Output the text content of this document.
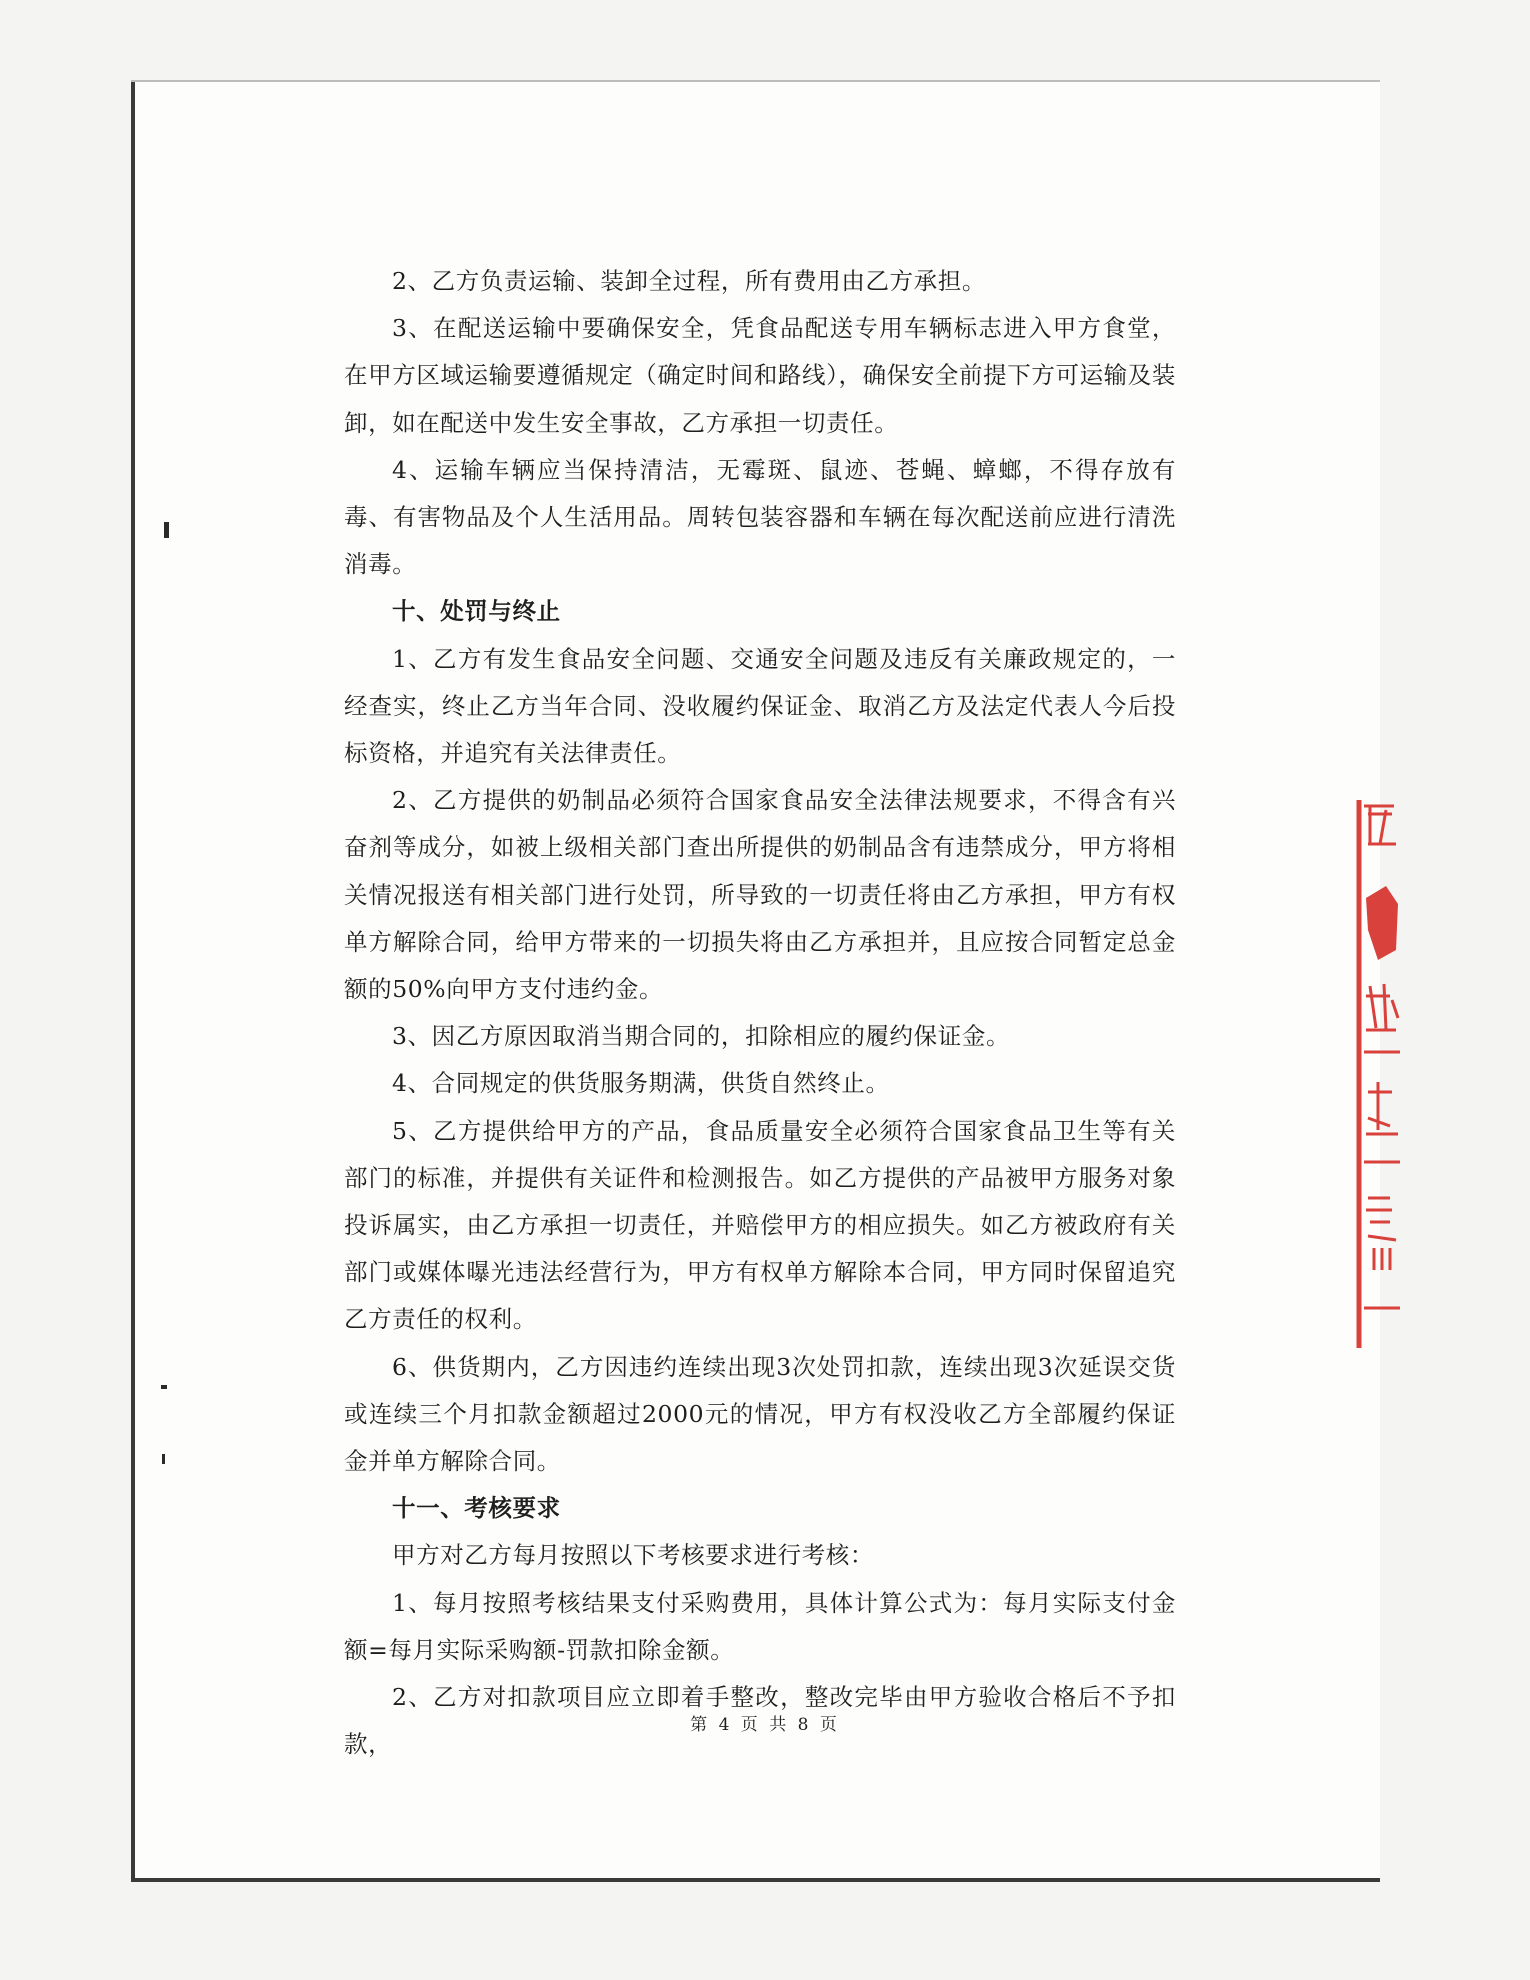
2、乙方负责运输、装卸全过程，所有费用由乙方承担。

3、在配送运输中要确保安全，凭食品配送专用车辆标志进入甲方食堂，在甲方区域运输要遵循规定（确定时间和路线），确保安全前提下方可运输及装卸，如在配送中发生安全事故，乙方承担一切责任。

4、运输车辆应当保持清洁，无霉斑、鼠迹、苍蝇、蟑螂，不得存放有毒、有害物品及个人生活用品。周转包装容器和车辆在每次配送前应进行清洗消毒。

十、处罚与终止

1、乙方有发生食品安全问题、交通安全问题及违反有关廉政规定的，一经查实，终止乙方当年合同、没收履约保证金、取消乙方及法定代表人今后投标资格，并追究有关法律责任。

2、乙方提供的奶制品必须符合国家食品安全法律法规要求，不得含有兴奋剂等成分，如被上级相关部门查出所提供的奶制品含有违禁成分，甲方将相关情况报送有相关部门进行处罚，所导致的一切责任将由乙方承担，甲方有权单方解除合同，给甲方带来的一切损失将由乙方承担并，且应按合同暂定总金额的50%向甲方支付违约金。

3、因乙方原因取消当期合同的，扣除相应的履约保证金。

4、合同规定的供货服务期满，供货自然终止。

5、乙方提供给甲方的产品，食品质量安全必须符合国家食品卫生等有关部门的标准，并提供有关证件和检测报告。如乙方提供的产品被甲方服务对象投诉属实，由乙方承担一切责任，并赔偿甲方的相应损失。如乙方被政府有关部门或媒体曝光违法经营行为，甲方有权单方解除本合同，甲方同时保留追究乙方责任的权利。

6、供货期内，乙方因违约连续出现3次处罚扣款，连续出现3次延误交货或连续三个月扣款金额超过2000元的情况，甲方有权没收乙方全部履约保证金并单方解除合同。

十一、考核要求

甲方对乙方每月按照以下考核要求进行考核：

1、每月按照考核结果支付采购费用，具体计算公式为：每月实际支付金额=每月实际采购额-罚款扣除金额。

2、乙方对扣款项目应立即着手整改，整改完毕由甲方验收合格后不予扣款，

第 4 页 共 8 页
